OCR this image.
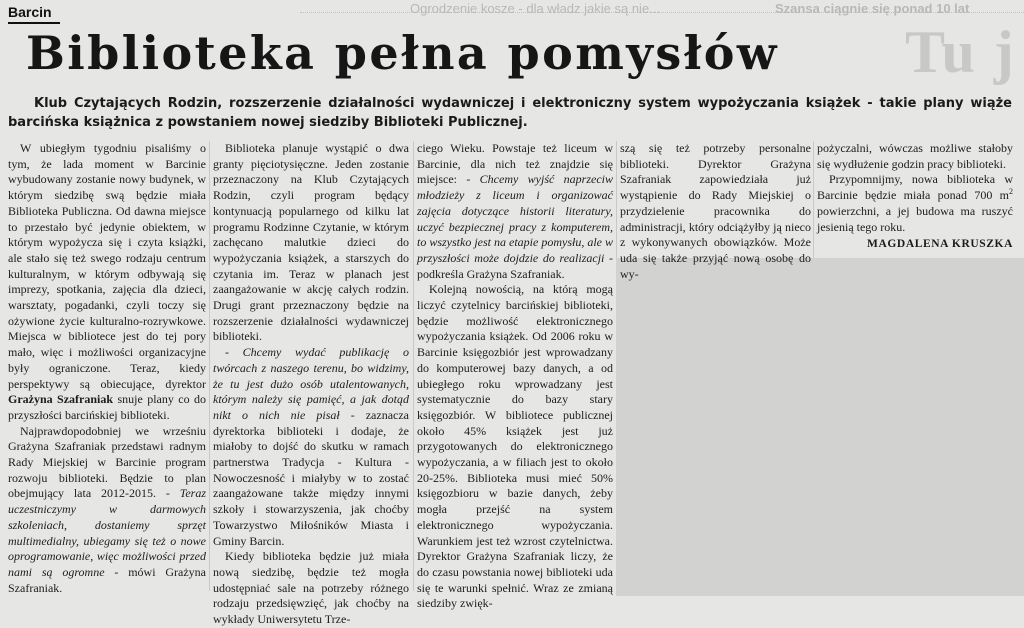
Ogrodzenie kosze - dla władz jakie są nie...	Szansa ciągnie się ponad 10 lat
Tu j
Barcin
Biblioteka pełna pomysłów

Klub Czytających Rodzin, rozszerzenie działalności wydawniczej i elektroniczny system wypożyczania książek - takie plany wiąże barcińska książnica z powstaniem nowej siedziby Biblioteki Publicznej.

W ubiegłym tygodniu pisaliśmy o tym, że lada moment w Barcinie wybudowany zostanie nowy budynek, w którym siedzibę swą będzie miała Biblioteka Publiczna. Od dawna miejsce to przestało być jedynie obiektem, w którym wypożycza się i czyta książki, ale stało się też swego rodzaju centrum kulturalnym, w którym odbywają się imprezy, spotkania, zajęcia dla dzieci, warsztaty, pogadanki, czyli toczy się ożywione życie kulturalno-rozrywkowe. Miejsca w bibliotece jest do tej pory mało, więc i możliwości organizacyjne były ograniczone. Teraz, kiedy perspektywy są obiecujące, dyrektor Grażyna Szafraniak snuje plany co do przyszłości barcińskiej biblioteki.

Najprawdopodobniej we wrześniu Grażyna Szafraniak przedstawi radnym Rady Miejskiej w Barcinie program rozwoju biblioteki. Będzie to plan obejmujący lata 2012-2015. - Teraz uczestniczymy w darmowych szkoleniach, dostaniemy sprzęt multimedialny, ubiegamy się też o nowe oprogramowanie, więc możliwości przed nami są ogromne - mówi Grażyna Szafraniak.

Biblioteka planuje wystąpić o dwa granty pięciotysięczne. Jeden zostanie przeznaczony na Klub Czytających Rodzin, czyli program będący kontynuacją popularnego od kilku lat programu Rodzinne Czytanie, w którym zachęcano malutkie dzieci do wypożyczania książek, a starszych do czytania im. Teraz w planach jest zaangażowanie w akcję całych rodzin. Drugi grant przeznaczony będzie na rozszerzenie działalności wydawniczej biblioteki.

- Chcemy wydać publikację o twórcach z naszego terenu, bo widzimy, że tu jest dużo osób utalentowanych, którym należy się pamięć, a jak dotąd nikt o nich nie pisał - zaznacza dyrektorka biblioteki i dodaje, że miałoby to dojść do skutku w ramach partnerstwa Tradycja - Kultura - Nowoczesność i miałyby w to zostać zaangażowane także między innymi szkoły i stowarzyszenia, jak choćby Towarzystwo Miłośników Miasta i Gminy Barcin.

Kiedy biblioteka będzie już miała nową siedzibę, będzie też mogła udostępniać sale na potrzeby różnego rodzaju przedsięwzięć, jak choćby na wykłady Uniwersytetu Trze-

ciego Wieku. Powstaje też liceum w Barcinie, dla nich też znajdzie się miejsce: - Chcemy wyjść naprzeciw młodzieży z liceum i organizować zajęcia dotyczące historii literatury, uczyć bezpiecznej pracy z komputerem, to wszystko jest na etapie pomysłu, ale w przyszłości może dojdzie do realizacji - podkreśla Grażyna Szafraniak.

Kolejną nowością, na którą mogą liczyć czytelnicy barcińskiej biblioteki, będzie możliwość elektronicznego wypożyczania książek. Od 2006 roku w Barcinie księgozbiór jest wprowadzany do komputerowej bazy danych, a od ubiegłego roku wprowadzany jest systematycznie do bazy stary księgozbiór. W bibliotece publicznej około 45% książek jest już przygotowanych do elektronicznego wypożyczania, a w filiach jest to około 20-25%. Biblioteka musi mieć 50% księgozbioru w bazie danych, żeby mogła przejść na system elektronicznego wypożyczania. Warunkiem jest też wzrost czytelnictwa. Dyrektor Grażyna Szafraniak liczy, że do czasu powstania nowej biblioteki uda się te warunki spełnić. Wraz ze zmianą siedziby zwięk-

szą się też potrzeby personalne biblioteki. Dyrektor Grażyna Szafraniak zapowiedziała już wystąpienie do Rady Miejskiej o przydzielenie pracownika do administracji, który odciążyłby ją nieco z wykonywanych obowiązków. Może uda się także przyjąć nową osobę do wy-

pożyczalni, wówczas możliwe stałoby się wydłużenie godzin pracy biblioteki.

Przypomnijmy, nowa biblioteka w Barcinie będzie miała ponad 700 $m^2$ powierzchni, a jej budowa ma ruszyć jesienią tego roku.

MAGDALENA KRUSZKA
